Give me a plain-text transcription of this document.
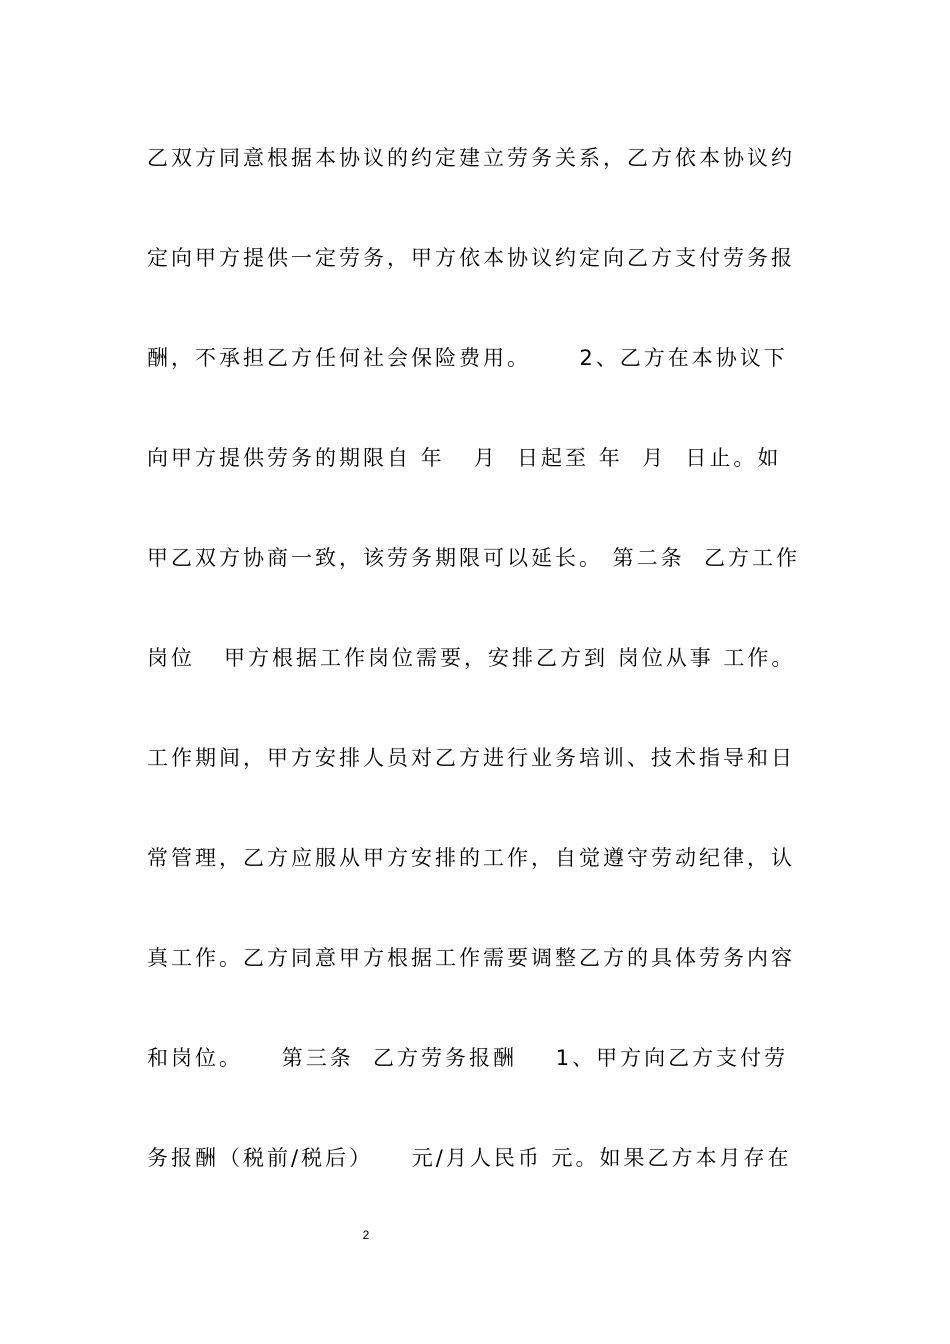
乙双方同意根据本协议的约定建立劳务关系，乙方依本协议约
定向甲方提供一定劳务，甲方依本协议约定向乙方支付劳务报
酬，不承担乙方任何社会保险费用。     2、乙方在本协议下
向甲方提供劳务的期限自 年   月  日起至 年  月  日止。如
甲乙双方协商一致，该劳务期限可以延长。 第二条  乙方工作
岗位   甲方根据工作岗位需要，安排乙方到 岗位从事 工作。
工作期间，甲方安排人员对乙方进行业务培训、技术指导和日
常管理，乙方应服从甲方安排的工作，自觉遵守劳动纪律，认
真工作。乙方同意甲方根据工作需要调整乙方的具体劳务内容
和岗位。    第三条  乙方劳务报酬    1、甲方向乙方支付劳
务报酬（税前/税后）    元/月人民币 元。如果乙方本月存在
2
